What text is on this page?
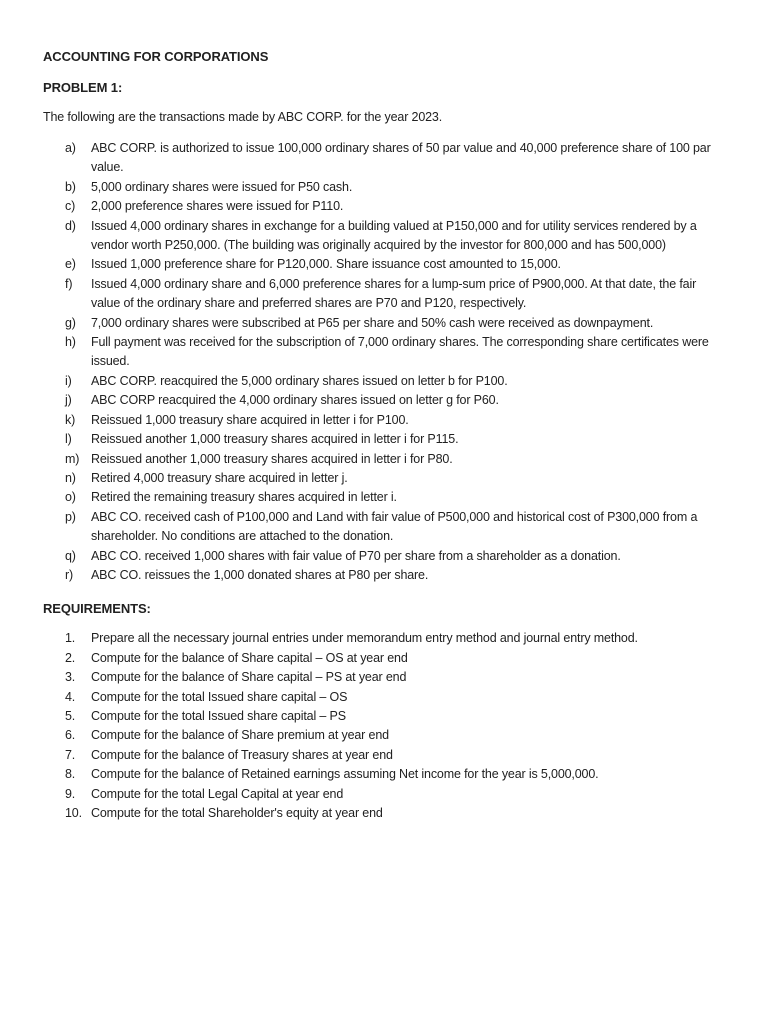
ACCOUNTING FOR CORPORATIONS
PROBLEM 1:

The following are the transactions made by ABC CORP. for the year 2023.

a)	ABC CORP. is authorized to issue 100,000 ordinary shares of 50 par value and 40,000 preference share of 100 par value.
b)	5,000 ordinary shares were issued for P50 cash.
c)	2,000 preference shares were issued for P110.
d)	Issued 4,000 ordinary shares in exchange for a building valued at P150,000 and for utility services rendered by a vendor worth P250,000. (The building was originally acquired by the investor for 800,000 and has 500,000)
e)	Issued 1,000 preference share for P120,000. Share issuance cost amounted to 15,000.
f)	Issued 4,000 ordinary share and 6,000 preference shares for a lump-sum price of P900,000. At that date, the fair value of the ordinary share and preferred shares are P70 and P120, respectively.
g)	7,000 ordinary shares were subscribed at P65 per share and 50% cash were received as downpayment.
h)	Full payment was received for the subscription of 7,000 ordinary shares. The corresponding share certificates were issued.
i)	ABC CORP. reacquired the 5,000 ordinary shares issued on letter b for P100.
j)	ABC CORP reacquired the 4,000 ordinary shares issued on letter g for P60.
k)	Reissued 1,000 treasury share acquired in letter i for P100.
l)	Reissued another 1,000 treasury shares acquired in letter i for P115.
m) Reissued another 1,000 treasury shares acquired in letter i for P80.
n)	Retired 4,000 treasury share acquired in letter j.
o)	Retired the remaining treasury shares acquired in letter i.
p)	ABC CO. received cash of P100,000 and Land with fair value of P500,000 and historical cost of P300,000 from a shareholder. No conditions are attached to the donation.
q)	ABC CO. received 1,000 shares with fair value of P70 per share from a shareholder as a donation.
r)	ABC CO. reissues the 1,000 donated shares at P80 per share.
REQUIREMENTS:
1.	Prepare all the necessary journal entries under memorandum entry method and journal entry method.
2.	Compute for the balance of Share capital – OS at year end
3.	Compute for the balance of Share capital – PS at year end
4.	Compute for the total Issued share capital – OS
5.	Compute for the total Issued share capital – PS
6.	Compute for the balance of Share premium at year end
7.	Compute for the balance of Treasury shares at year end
8.	Compute for the balance of Retained earnings assuming Net income for the year is 5,000,000.
9.	Compute for the total Legal Capital at year end
10. Compute for the total Shareholder's equity at year end
